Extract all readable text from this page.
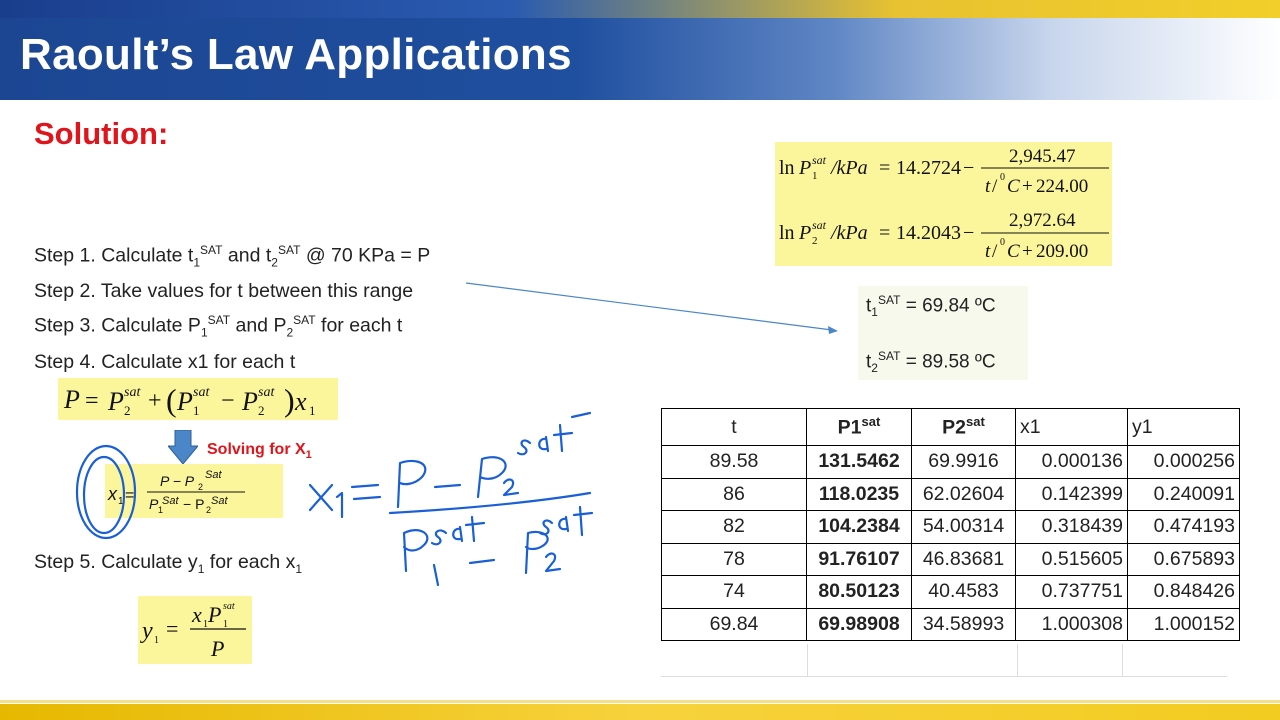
Raoult’s Law Applications
Solution:
Step 1. Calculate $t_1^{SAT}$ and $t_2^{SAT}$ @ 70 KPa = P
Step 2. Take values for t between this range
Step 3. Calculate $P_1^{SAT}$ and $P_2^{SAT}$ for each t
Step 4. Calculate x1 for each t
P = P 2
sat + ( P 1
sat − P 2
sat ) x 1
Solving for $X_1$
x 1 =
P − P 2
Sat
P 1
Sat − P 2
Sat
Step 5. Calculate $y_1$ for each $x_1$
y 1 =
x 1 P 1
sat
P
ln P 1
sat /kPa = 14.2724 −
2,945.47
t / 0 C + 224.00
ln P 2
sat /kPa = 14.2043 −
2,972.64
t / 0 C + 209.00
$t_1^{SAT} = 69.84$ ºC
$t_2^{SAT} = 89.58$ ºC
t	$P1^{sat}$	$P2^{sat}$	x1	y1
89.58	131.5462	69.9916	0.000136	0.000256
86	118.0235	62.02604	0.142399	0.240091
82	104.2384	54.00314	0.318439	0.474193
78	91.76107	46.83681	0.515605	0.675893
74	80.50123	40.4583	0.737751	0.848426
69.84	69.98908	34.58993	1.000308	1.000152
